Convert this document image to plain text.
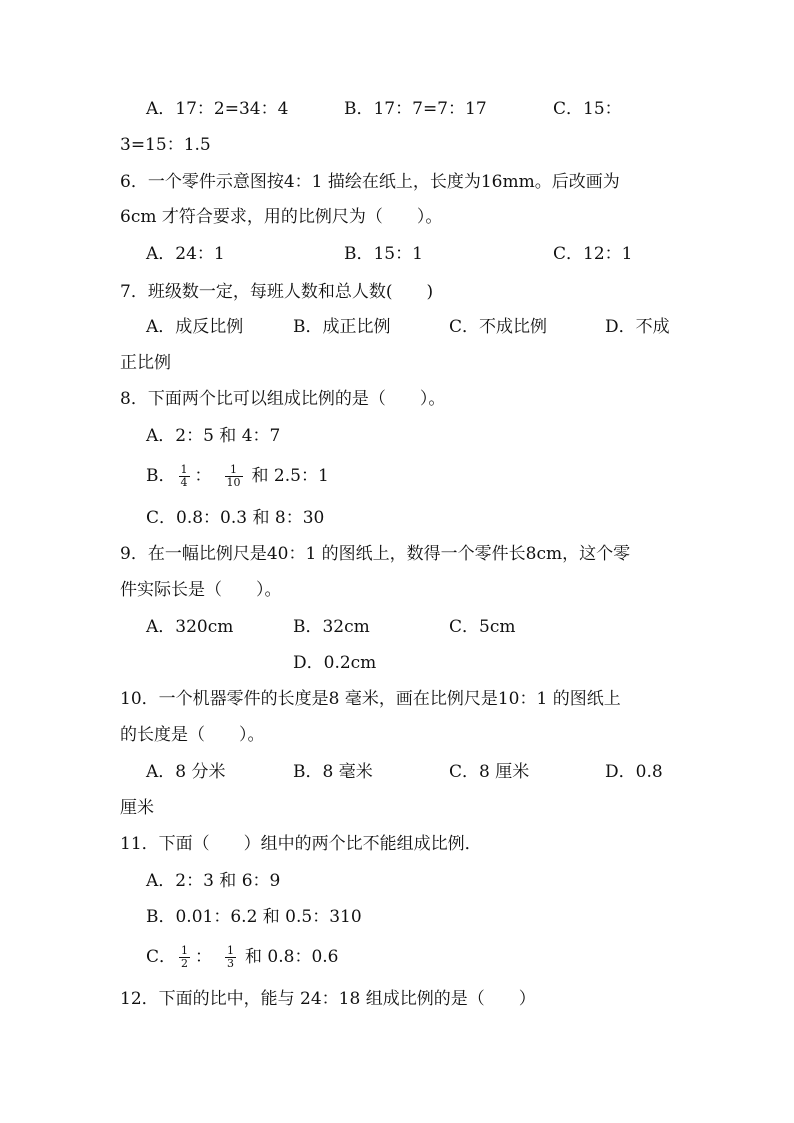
A．17：2=34：4	B．17：7=7：17	C．15：
3=15：1.5
6．一个零件示意图按4：1 描绘在纸上，长度为16mm。后改画为
6cm 才符合要求，用的比例尺为（　　）。
A．24：1	B．15：1	C．12：1
7．班级数一定，每班人数和总人数(　　)
A．成反比例	B．成正比例	C．不成比例	D．不成
正比例
8．下面两个比可以组成比例的是（　　）。
A．2：5 和 4：7
B． $\frac{1}{4}$ ： $\frac{1}{10}$ 和 2.5：1
C．0.8：0.3 和 8：30
9．在一幅比例尺是40：1 的图纸上，数得一个零件长8cm，这个零
件实际长是（　　）。
A．320cm	B．32cm	C．5cm
D．0.2cm
10．一个机器零件的长度是8 毫米，画在比例尺是10：1 的图纸上
的长度是（　　）。
A．8 分米	B．8 毫米	C．8 厘米	D．0.8
厘米
11．下面（　　）组中的两个比不能组成比例．
A．2：3 和 6：9
B．0.01：6.2 和 0.5：310
C． $\frac{1}{2}$ ： $\frac{1}{3}$ 和 0.8：0.6
12．下面的比中，能与 24：18 组成比例的是（　　）
